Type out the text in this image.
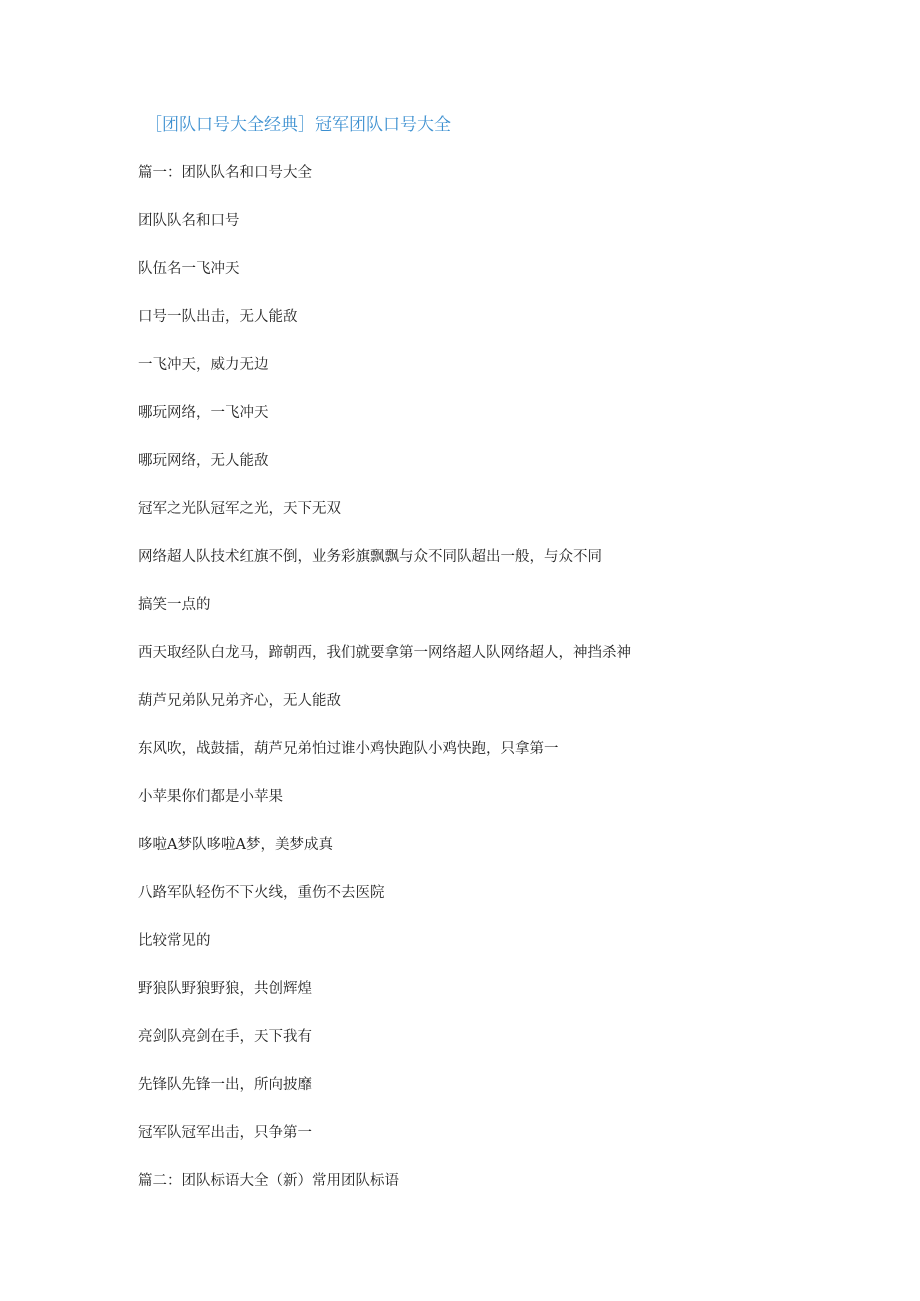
［团队口号大全经典］冠军团队口号大全
篇一：团队队名和口号大全
团队队名和口号
队伍名一飞冲天
口号一队出击，无人能敌
一飞冲天，威力无边
哪玩网络，一飞冲天
哪玩网络，无人能敌
冠军之光队冠军之光，天下无双
网络超人队技术红旗不倒，业务彩旗飘飘与众不同队超出一般，与众不同
搞笑一点的
西天取经队白龙马，蹄朝西，我们就要拿第一网络超人队网络超人，神挡杀神
葫芦兄弟队兄弟齐心，无人能敌
东风吹，战鼓擂，葫芦兄弟怕过谁小鸡快跑队小鸡快跑，只拿第一
小苹果你们都是小苹果
哆啦A梦队哆啦A梦，美梦成真
八路军队轻伤不下火线，重伤不去医院
比较常见的
野狼队野狼野狼，共创辉煌
亮剑队亮剑在手，天下我有
先锋队先锋一出，所向披靡
冠军队冠军出击，只争第一
篇二：团队标语大全（新）常用团队标语
